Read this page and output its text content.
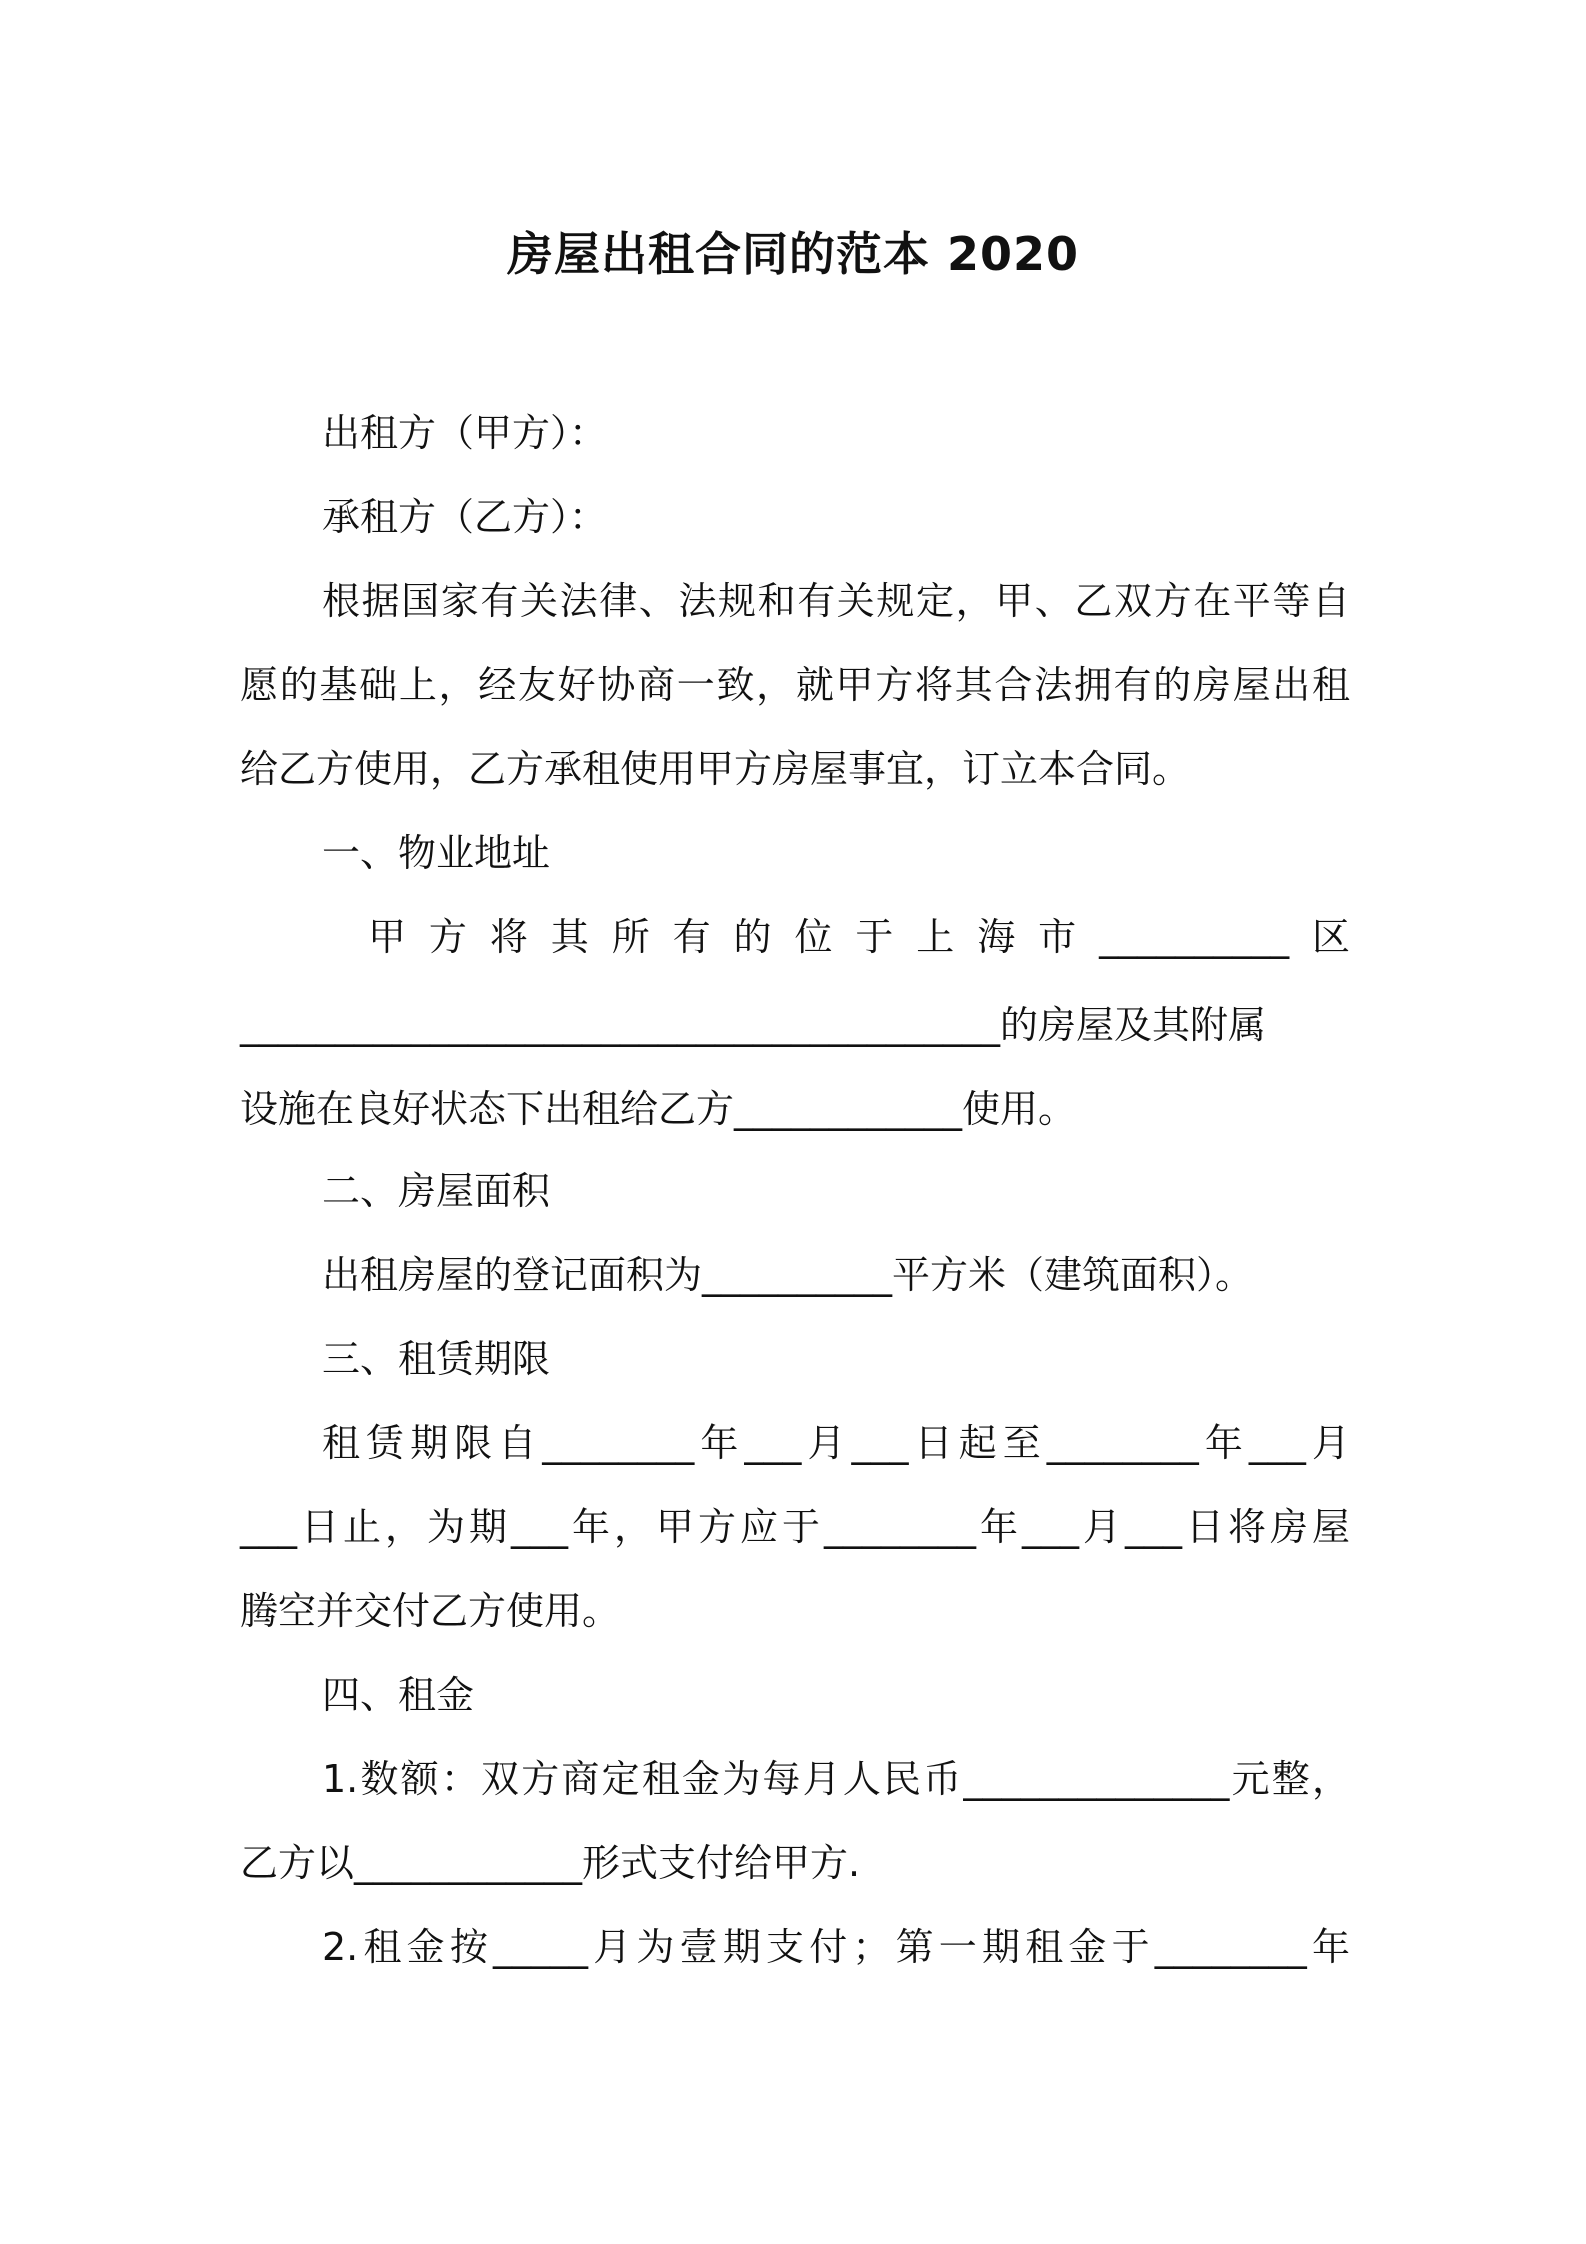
房屋出租合同的范本 2020
出租方（甲方）：
承租方（乙方）：
根据国家有关法律、法规和有关规定，甲、乙双方在平等自
愿的基础上，经友好协商一致，就甲方将其合法拥有的房屋出租
给乙方使用，乙方承租使用甲方房屋事宜，订立本合同。
一、物业地址
甲方将其所有的位于上海市__________区
________________________________________的房屋及其附属
设施在良好状态下出租给乙方____________使用。
二、房屋面积
出租房屋的登记面积为__________平方米（建筑面积）。
三、租赁期限
租赁期限自________年___月___日起至________年___月
___日止，为期___年，甲方应于________年___月___日将房屋
腾空并交付乙方使用。
四、租金
1.数额：双方商定租金为每月人民币______________元整，
乙方以____________形式支付给甲方.
2.租金按_____月为壹期支付；第一期租金于________年
